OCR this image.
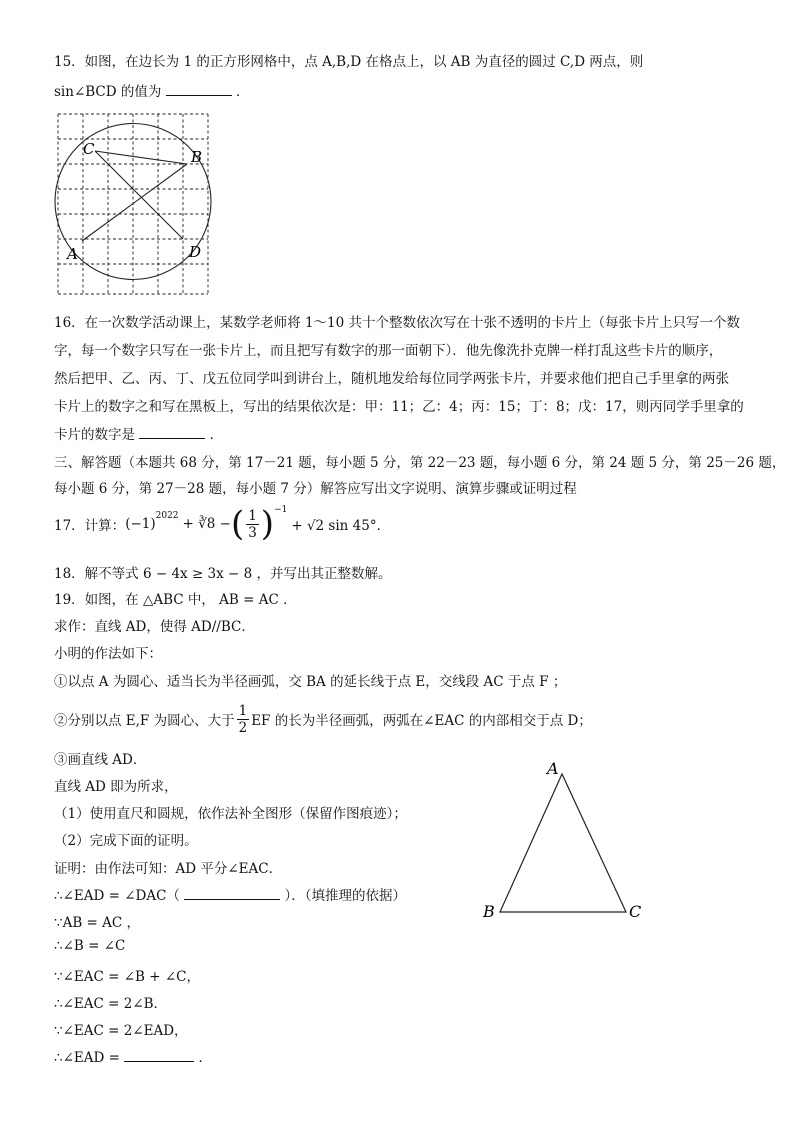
15．如图，在边长为 1 的正方形网格中，点 A,B,D 在格点上，以 AB 为直径的圆过 C,D 两点，则
sin∠BCD 的值为	．
C	B
A	D
16．在一次数学活动课上，某数学老师将 1～10 共十个整数依次写在十张不透明的卡片上（每张卡片上只写一个数
字，每一个数字只写在一张卡片上，而且把写有数字的那一面朝下）．他先像洗扑克牌一样打乱这些卡片的顺序，
然后把甲、乙、丙、丁、戊五位同学叫到讲台上，随机地发给每位同学两张卡片，并要求他们把自己手里拿的两张
卡片上的数字之和写在黑板上，写出的结果依次是：甲：11；乙：4；丙：15；丁：8；戊：17，则丙同学手里拿的
卡片的数字是	．
三、解答题（本题共 68 分，第 17－21 题，每小题 5 分，第 22－23 题，每小题 6 分，第 24 题 5 分，第 25－26 题，
每小题 6 分，第 27－28 题，每小题 7 分）解答应写出文字说明、演算步骤或证明过程
17．计算： $(-1)^{2022}$ + ∛8 − ( $\frac{1}{3} )^{-1}$
+ √2 sin 45°．
18．解不等式 6 − 4x ≥ 3x − 8 ，并写出其正整数解。
19．如图，在 △ABC 中， AB = AC ．
求作：直线 AD，使得 AD//BC．
小明的作法如下：
①以点 A 为圆心、适当长为半径画弧，交 BA 的延长线于点 E，交线段 AC 于点 F ；
②分别以点 E,F 为圆心、大于 $\frac{1}{2}$ EF 的长为半径画弧，两弧在∠EAC 的内部相交于点 D；
③画直线 AD．
直线 AD 即为所求，
（1）使用直尺和圆规，依作法补全图形（保留作图痕迹）；
（2）完成下面的证明。
证明：由作法可知：AD 平分∠EAC．
∴∠EAD = ∠DAC（	）．（填推理的依据）
∵AB = AC ，
∴∠B = ∠C
∵∠EAC = ∠B + ∠C，
∴∠EAC = 2∠B．
∵∠EAC = 2∠EAD，
∴∠EAD =	．
A
B	C
